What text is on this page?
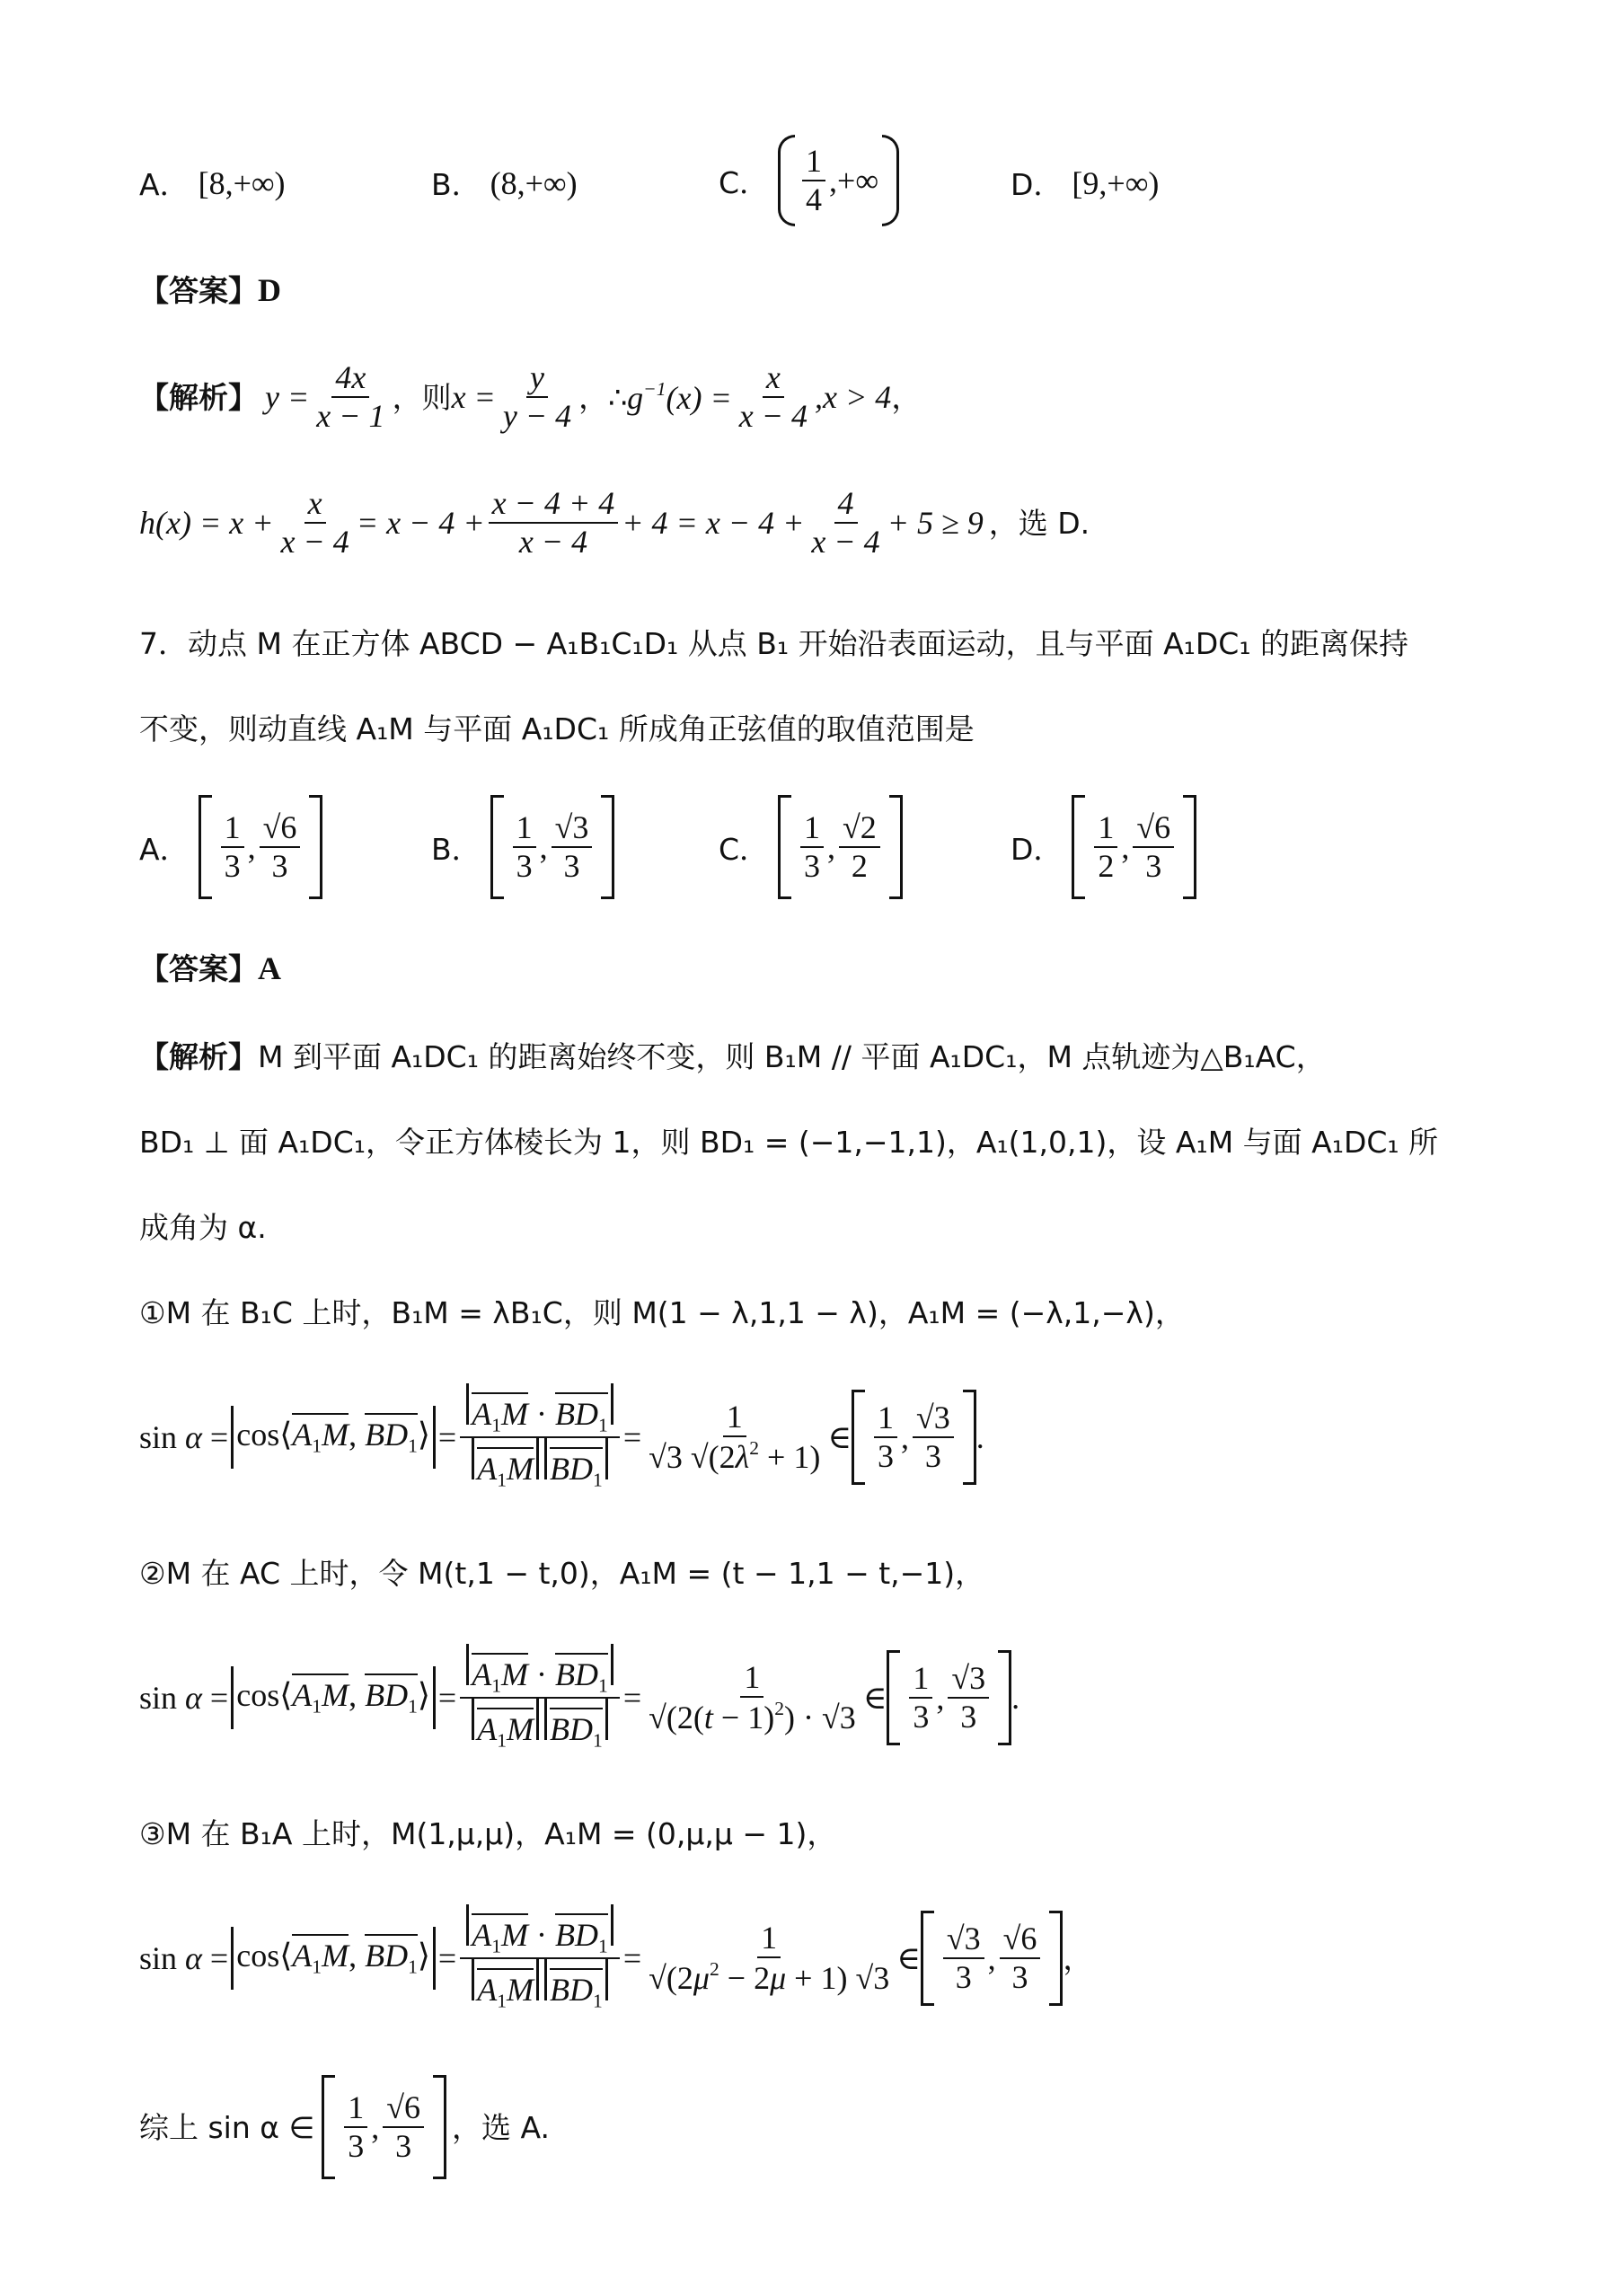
A． [8,+∞)	B． (8,+∞)	C． $\frac{1}{4}$ ,+∞	D． [9,+∞)
【答案】 D
【解析】 $y = \frac{4x}{x - 1}$ ，则 $x = \frac{y}{y - 4}$ ，∴ $g^{-1}(x) = \frac{x}{x - 4} ,x > 4$ ，
$h(x) = x + \frac{x}{x - 4} = x - 4 + \frac{x - 4 + 4}{x - 4} + 4 = x - 4 + \frac{4}{x - 4} + 5 \ge 9$ ，选 D.
7 ．动点 M 在正方体 ABCD − A₁B₁C₁D₁ 从点 B₁ 开始沿表面运动，且与平面 A₁DC₁ 的距离保持
不变，则动直线 A₁M 与平面 A₁DC₁ 所成角正弦值的取值范围是
A． $\frac{1}{3}$ , $\frac{√6}{3}$	B． $\frac{1}{3}$ , $\frac{√3}{3}$	C． $\frac{1}{3}$ , $\frac{√2}{2}$	D． $\frac{1}{2}$ , $\frac{√6}{3}$
【答案】 A
【解析】 M 到平面 A₁DC₁ 的距离始终不变，则 B₁M // 平面 A₁DC₁，M 点轨迹为△B₁AC，
BD₁ ⊥ 面 A₁DC₁，令正方体棱长为 1，则 BD₁ = (−1,−1,1)，A₁(1,0,1)，设 A₁M 与面 A₁DC₁ 所
成角为 α.
①M 在 B₁C 上时，B₁M = λB₁C，则 M(1 − λ,1,1 − λ)，A₁M = (−λ,1,−λ)，
$\sin \alpha = \cos⟨A_1M$, $BD_1⟩ = \frac{A_1M \cdot BD_1}{A_1M BD_1} = \frac{1}{√3 √(2\lambda^2 + 1)}$ ∈ $\frac{1}{3}$ , $\frac{√3}{3}$ .
②M 在 AC 上时，令 M(t,1 − t,0)，A₁M = (t − 1,1 − t,−1)，
$\sin \alpha = \cos⟨A_1M$, $BD_1⟩ = \frac{A_1M \cdot BD_1}{A_1M BD_1} = \frac{1}{√(2(t - 1)^2) \cdot √3}$ ∈ $\frac{1}{3}$ , $\frac{√3}{3}$ .
③M 在 B₁A 上时，M(1,μ,μ)，A₁M = (0,μ,μ − 1)，
$\sin \alpha = \cos⟨A_1M$, $BD_1⟩ = \frac{A_1M \cdot BD_1}{A_1M BD_1} = \frac{1}{√(2\mu^2 - 2\mu + 1) √3}$ ∈ $\frac{√3}{3}$ , $\frac{√6}{3}$ ，
综上 sin α ∈ $\frac{1}{3}$ , $\frac{√6}{3}$ ，选 A.
